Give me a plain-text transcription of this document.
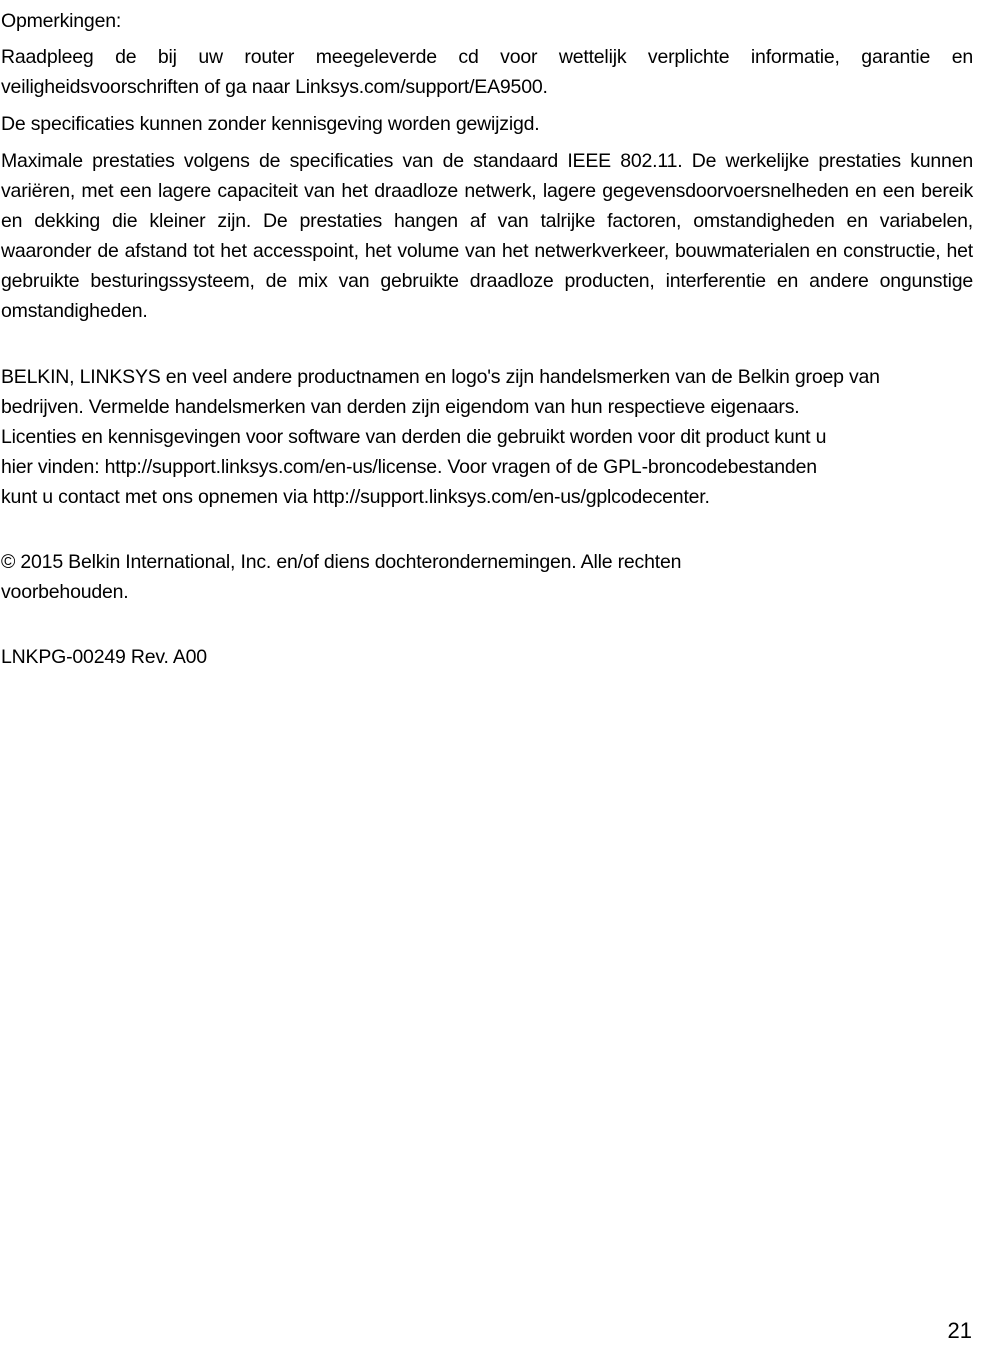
Opmerkingen:

Raadpleeg de bij uw router meegeleverde cd voor wettelijk verplichte informatie, garantie en veiligheidsvoorschriften of ga naar Linksys.com/support/EA9500.

De specificaties kunnen zonder kennisgeving worden gewijzigd.

Maximale prestaties volgens de specificaties van de standaard IEEE 802.11. De werkelijke prestaties kunnen variëren, met een lagere capaciteit van het draadloze netwerk, lagere gegevensdoorvoersnelheden en een bereik en dekking die kleiner zijn. De prestaties hangen af van talrijke factoren, omstandigheden en variabelen, waaronder de afstand tot het accesspoint, het volume van het netwerkverkeer, bouwmaterialen en constructie, het gebruikte besturingssysteem, de mix van gebruikte draadloze producten, interferentie en andere ongunstige omstandigheden.

BELKIN, LINKSYS en veel andere productnamen en logo's zijn handelsmerken van de Belkin groep van
bedrijven. Vermelde handelsmerken van derden zijn eigendom van hun respectieve eigenaars.
Licenties en kennisgevingen voor software van derden die gebruikt worden voor dit product kunt u
hier vinden: http://support.linksys.com/en-us/license. Voor vragen of de GPL-broncodebestanden
kunt u contact met ons opnemen via http://support.linksys.com/en-us/gplcodecenter.
© 2015 Belkin International, Inc. en/of diens dochterondernemingen. Alle rechten
voorbehouden.

LNKPG-00249 Rev. A00

21
